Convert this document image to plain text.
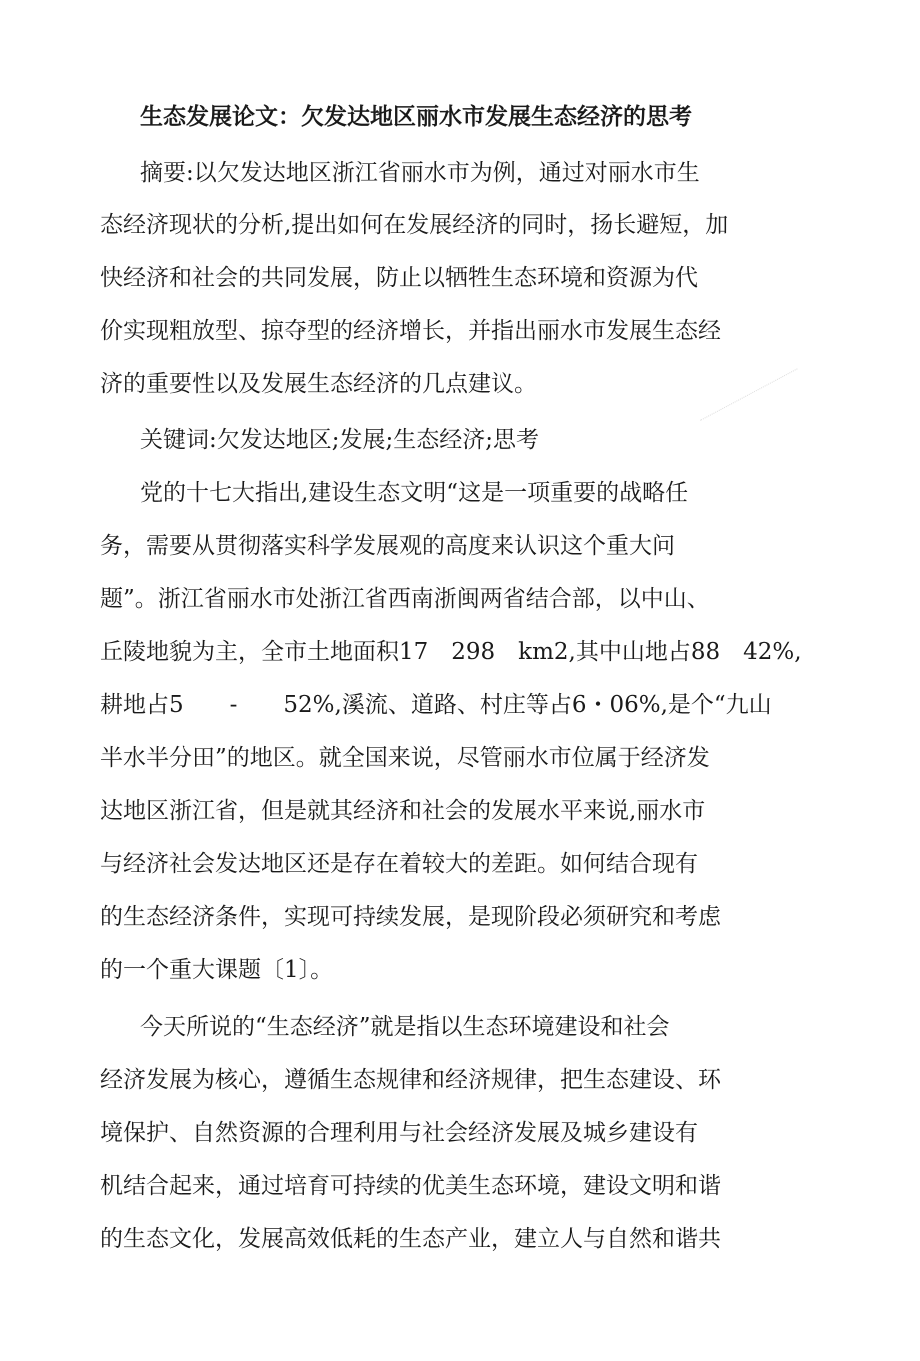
生态发展论文：欠发达地区丽水市发展生态经济的思考
摘要:以欠发达地区浙江省丽水市为例，通过对丽水市生
态经济现状的分析,提出如何在发展经济的同时，扬长避短，加
快经济和社会的共同发展，防止以牺牲生态环境和资源为代
价实现粗放型、掠夺型的经济增长，并指出丽水市发展生态经
济的重要性以及发展生态经济的几点建议。
关键词:欠发达地区;发展;生态经济;思考
党的十七大指出,建设生态文明“这是一项重要的战略任
务，需要从贯彻落实科学发展观的高度来认识这个重大问
题”。浙江省丽水市处浙江省西南浙闽两省结合部，以中山、
丘陵地貌为主，全市土地面积17　298　km2,其中山地占88　42%,
耕地占5　　-　　52%,溪流、道路、村庄等占6・06%,是个“九山
半水半分田”的地区。就全国来说，尽管丽水市位属于经济发
达地区浙江省，但是就其经济和社会的发展水平来说,丽水市
与经济社会发达地区还是存在着较大的差距。如何结合现有
的生态经济条件，实现可持续发展，是现阶段必须研究和考虑
的一个重大课题〔1〕。
今天所说的“生态经济”就是指以生态环境建设和社会
经济发展为核心，遵循生态规律和经济规律，把生态建设、环
境保护、自然资源的合理利用与社会经济发展及城乡建设有
机结合起来，通过培育可持续的优美生态环境，建设文明和谐
的生态文化，发展高效低耗的生态产业，建立人与自然和谐共
